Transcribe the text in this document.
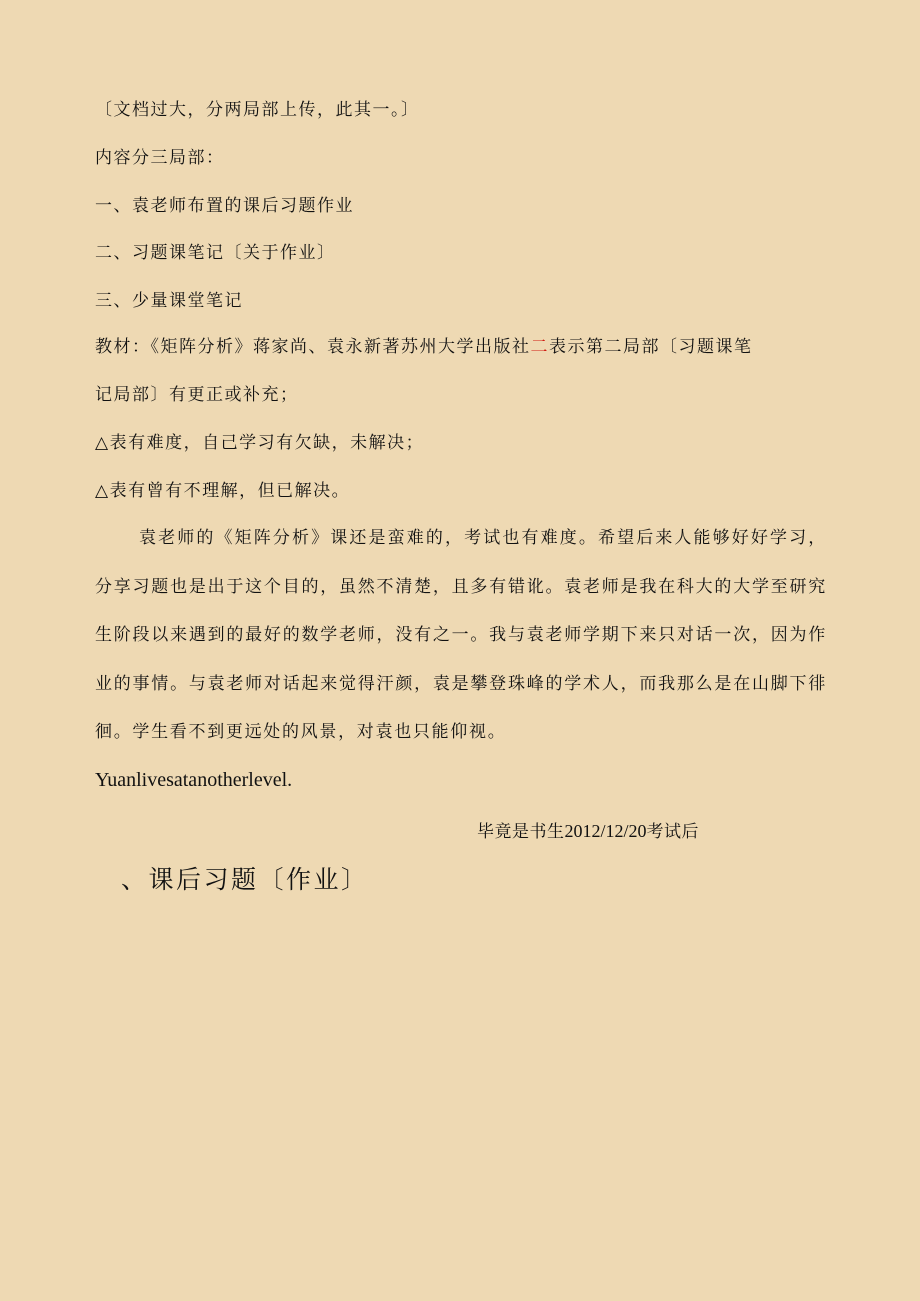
〔文档过大，分两局部上传，此其一。〕
内容分三局部：
一、袁老师布置的课后习题作业
二、习题课笔记〔关于作业〕
三、少量课堂笔记
教材：《矩阵分析》蒋家尚、袁永新著苏州大学出版社二表示第二局部〔习题课笔
记局部〕有更正或补充；
△表有难度，自己学习有欠缺，未解决；
△表有曾有不理解，但已解决。

袁老师的《矩阵分析》课还是蛮难的，考试也有难度。希望后来人能够好好学习，分享习题也是出于这个目的，虽然不清楚，且多有错讹。袁老师是我在科大的大学至研究生阶段以来遇到的最好的数学老师，没有之一。我与袁老师学期下来只对话一次，因为作业的事情。与袁老师对话起来觉得汗颜，袁是攀登珠峰的学术人，而我那么是在山脚下徘徊。学生看不到更远处的风景，对袁也只能仰视。

Yuanlivesatanotherlevel.
毕竟是书生2012/12/20考试后
、课后习题〔作业〕
